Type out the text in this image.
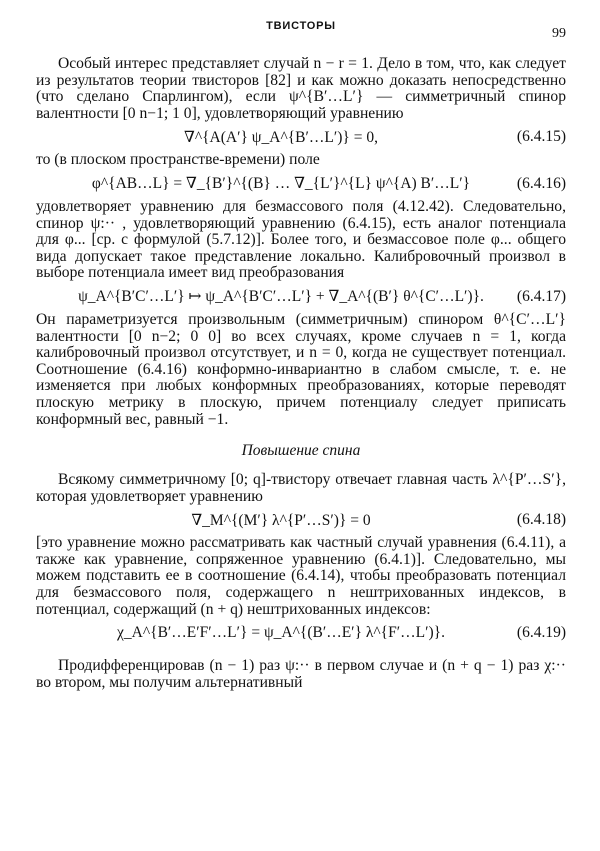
ТВИСТОРЫ	99

Особый интерес представляет случай n − r = 1. Дело в том, что, как следует из результатов теории твисторов [82] и как можно доказать непосредственно (что сделано Спарлингом), если ψ^{B′…L′} — симметричный спинор валентности [0 n−1; 1 0], удовлетворяющий уравнению

∇^{A(A′} ψ_A^{B′…L′)} = 0,	(6.4.15)

то (в плоском пространстве-времени) поле

φ^{AB…L} = ∇_{B′}^{(B} … ∇_{L′}^{L} ψ^{A) B′…L′}	(6.4.16)

удовлетворяет уравнению для безмассового поля (4.12.42). Следовательно, спинор ψ:·· , удовлетворяющий уравнению (6.4.15), есть аналог потенциала для φ... [ср. с формулой (5.7.12)]. Более того, и безмассовое поле φ... общего вида допускает такое представление локально. Калибровочный произвол в выборе потенциала имеет вид преобразования

ψ_A^{B′C′…L′} ↦ ψ_A^{B′C′…L′} + ∇_A^{(B′} θ^{C′…L′)}.	(6.4.17)

Он параметризуется произвольным (симметричным) спинором θ^{C′…L′} валентности [0 n−2; 0 0] во всех случаях, кроме случаев n = 1, когда калибровочный произвол отсутствует, и n = 0, когда не существует потенциал. Соотношение (6.4.16) конформно-инвариантно в слабом смысле, т. е. не изменяется при любых конформных преобразованиях, которые переводят плоскую метрику в плоскую, причем потенциалу следует приписать конформный вес, равный −1.

Повышение спина

Всякому симметричному [0; q]-твистору отвечает главная часть λ^{P′…S′}, которая удовлетворяет уравнению

∇_M^{(M′} λ^{P′…S′)} = 0	(6.4.18)

[это уравнение можно рассматривать как частный случай уравнения (6.4.11), а также как уравнение, сопряженное уравнению (6.4.1)]. Следовательно, мы можем подставить ее в соотношение (6.4.14), чтобы преобразовать потенциал для безмассового поля, содержащего n нештрихованных индексов, в потенциал, содержащий (n + q) нештрихованных индексов:

χ_A^{B′…E′F′…L′} = ψ_A^{(B′…E′} λ^{F′…L′)}.	(6.4.19)

Продифференцировав (n − 1) раз ψ:·· в первом случае и (n + q − 1) раз χ:·· во втором, мы получим альтернативный
